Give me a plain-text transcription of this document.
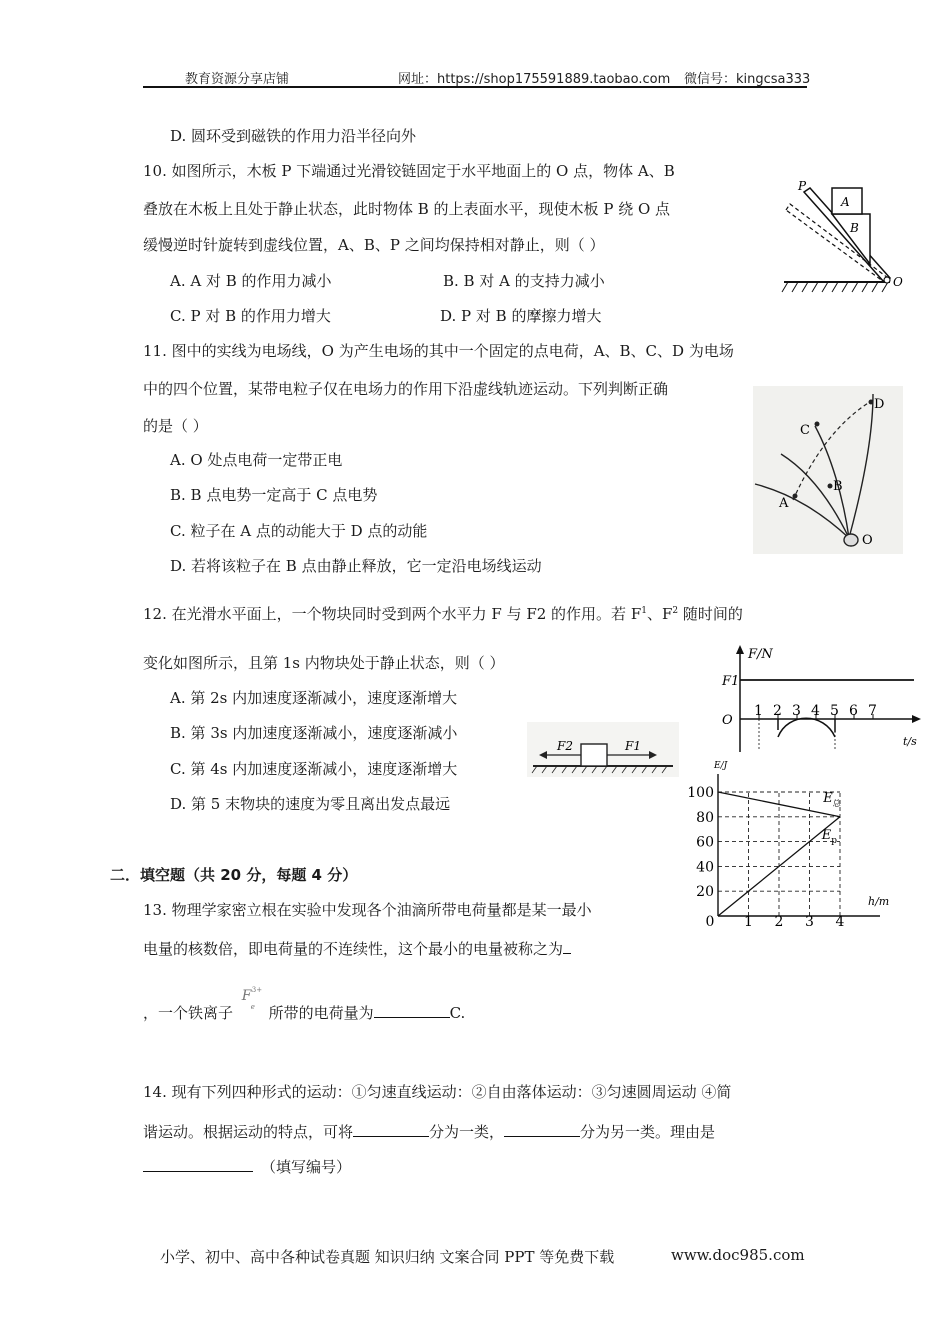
教育资源分享店铺	网址：https://shop175591889.taobao.com 微信号：kingcsa333
D. 圆环受到磁铁的作用力沿半径向外
10. 如图所示，木板 P 下端通过光滑铰链固定于水平地面上的 O 点，物体 A、B
叠放在木板上且处于静止状态，此时物体 B 的上表面水平，现使木板 P 绕 O 点
缓慢逆时针旋转到虚线位置，A、B、P 之间均保持相对静止，则（ ）
A. A 对 B 的作用力减小	B. B 对 A 的支持力减小
C. P 对 B 的作用力增大	D. P 对 B 的摩擦力增大
P
A
B
O
11. 图中的实线为电场线，O 为产生电场的其中一个固定的点电荷，A、B、C、D 为电场
中的四个位置，某带电粒子仅在电场力的作用下沿虚线轨迹运动。下列判断正确
的是（ ）
A. O 处点电荷一定带正电
B. B 点电势一定高于 C 点电势
C. 粒子在 A 点的动能大于 D 点的动能
D. 若将该粒子在 B 点由静止释放，它一定沿电场线运动
A
B
C
D
O
12. 在光滑水平面上，一个物块同时受到两个水平力 F 与 F2 的作用。若 $F^1$、$F^2$ 随时间的
变化如图所示，且第 1s 内物块处于静止状态，则（ ）
A. 第 2s 内加速度逐渐减小，速度逐渐增大
B. 第 3s 内加速度逐渐减小，速度逐渐减小
C. 第 4s 内加速度逐渐减小，速度逐渐增大
D. 第 5 末物块的速度为零且离出发点最远
F2	F1
F/N
F1
O
t/s
1 2 3 4 5 6 7
20
40
60
80
100
0 1 2 3 4
E/J
h/m
$E_总$
$E_p$
二．填空题（共 20 分，每题 4 分）
13. 物理学家密立根在实验中发现各个油滴所带电荷量都是某一最小
电量的核数倍，即电荷量的不连续性，这个最小的电量被称之为
，一个铁离子
F
e
3+
所带的电荷量为	C.
14. 现有下列四种形式的运动：①匀速直线运动：②自由落体运动：③匀速圆周运动 ④简
谐运动。根据运动的特点，可将	分为一类，	分为另一类。理由是
（填写编号）
小学、初中、高中各种试卷真题 知识归纳 文案合同 PPT 等免费下载	www.doc985.com
